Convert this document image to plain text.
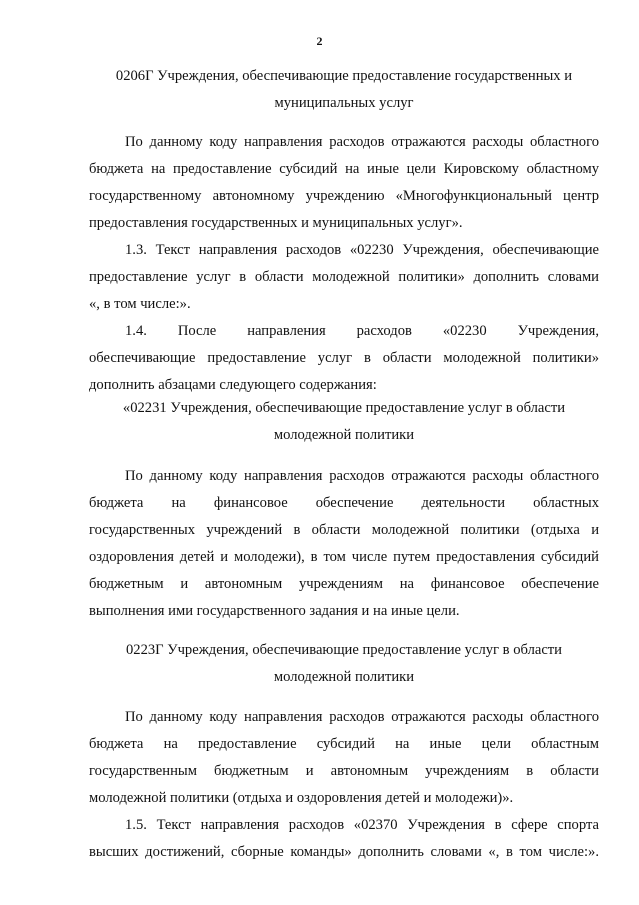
2
0206Г Учреждения, обеспечивающие предоставление государственных и
муниципальных услуг
По данному коду направления расходов отражаются расходы областного
бюджета на предоставление субсидий на иные цели Кировскому областному
государственному автономному учреждению «Многофункциональный центр
предоставления государственных и муниципальных услуг».
1.3. Текст направления расходов «02230 Учреждения, обеспечивающие
предоставление услуг в области молодежной политики» дополнить словами
«, в том числе:».
1.4. После направления расходов «02230 Учреждения,
обеспечивающие предоставление услуг в области молодежной политики»
дополнить абзацами следующего содержания:
«02231 Учреждения, обеспечивающие предоставление услуг в области
молодежной политики
По данному коду направления расходов отражаются расходы областного
бюджета на финансовое обеспечение деятельности областных
государственных учреждений в области молодежной политики (отдыха и
оздоровления детей и молодежи), в том числе путем предоставления субсидий
бюджетным и автономным учреждениям на финансовое обеспечение
выполнения ими государственного задания и на иные цели.
0223Г Учреждения, обеспечивающие предоставление услуг в области
молодежной политики
По данному коду направления расходов отражаются расходы областного
бюджета на предоставление субсидий на иные цели областным
государственным бюджетным и автономным учреждениям в области
молодежной политики (отдыха и оздоровления детей и молодежи)».
1.5. Текст направления расходов «02370 Учреждения в сфере спорта
высших достижений, сборные команды» дополнить словами «, в том числе:».
